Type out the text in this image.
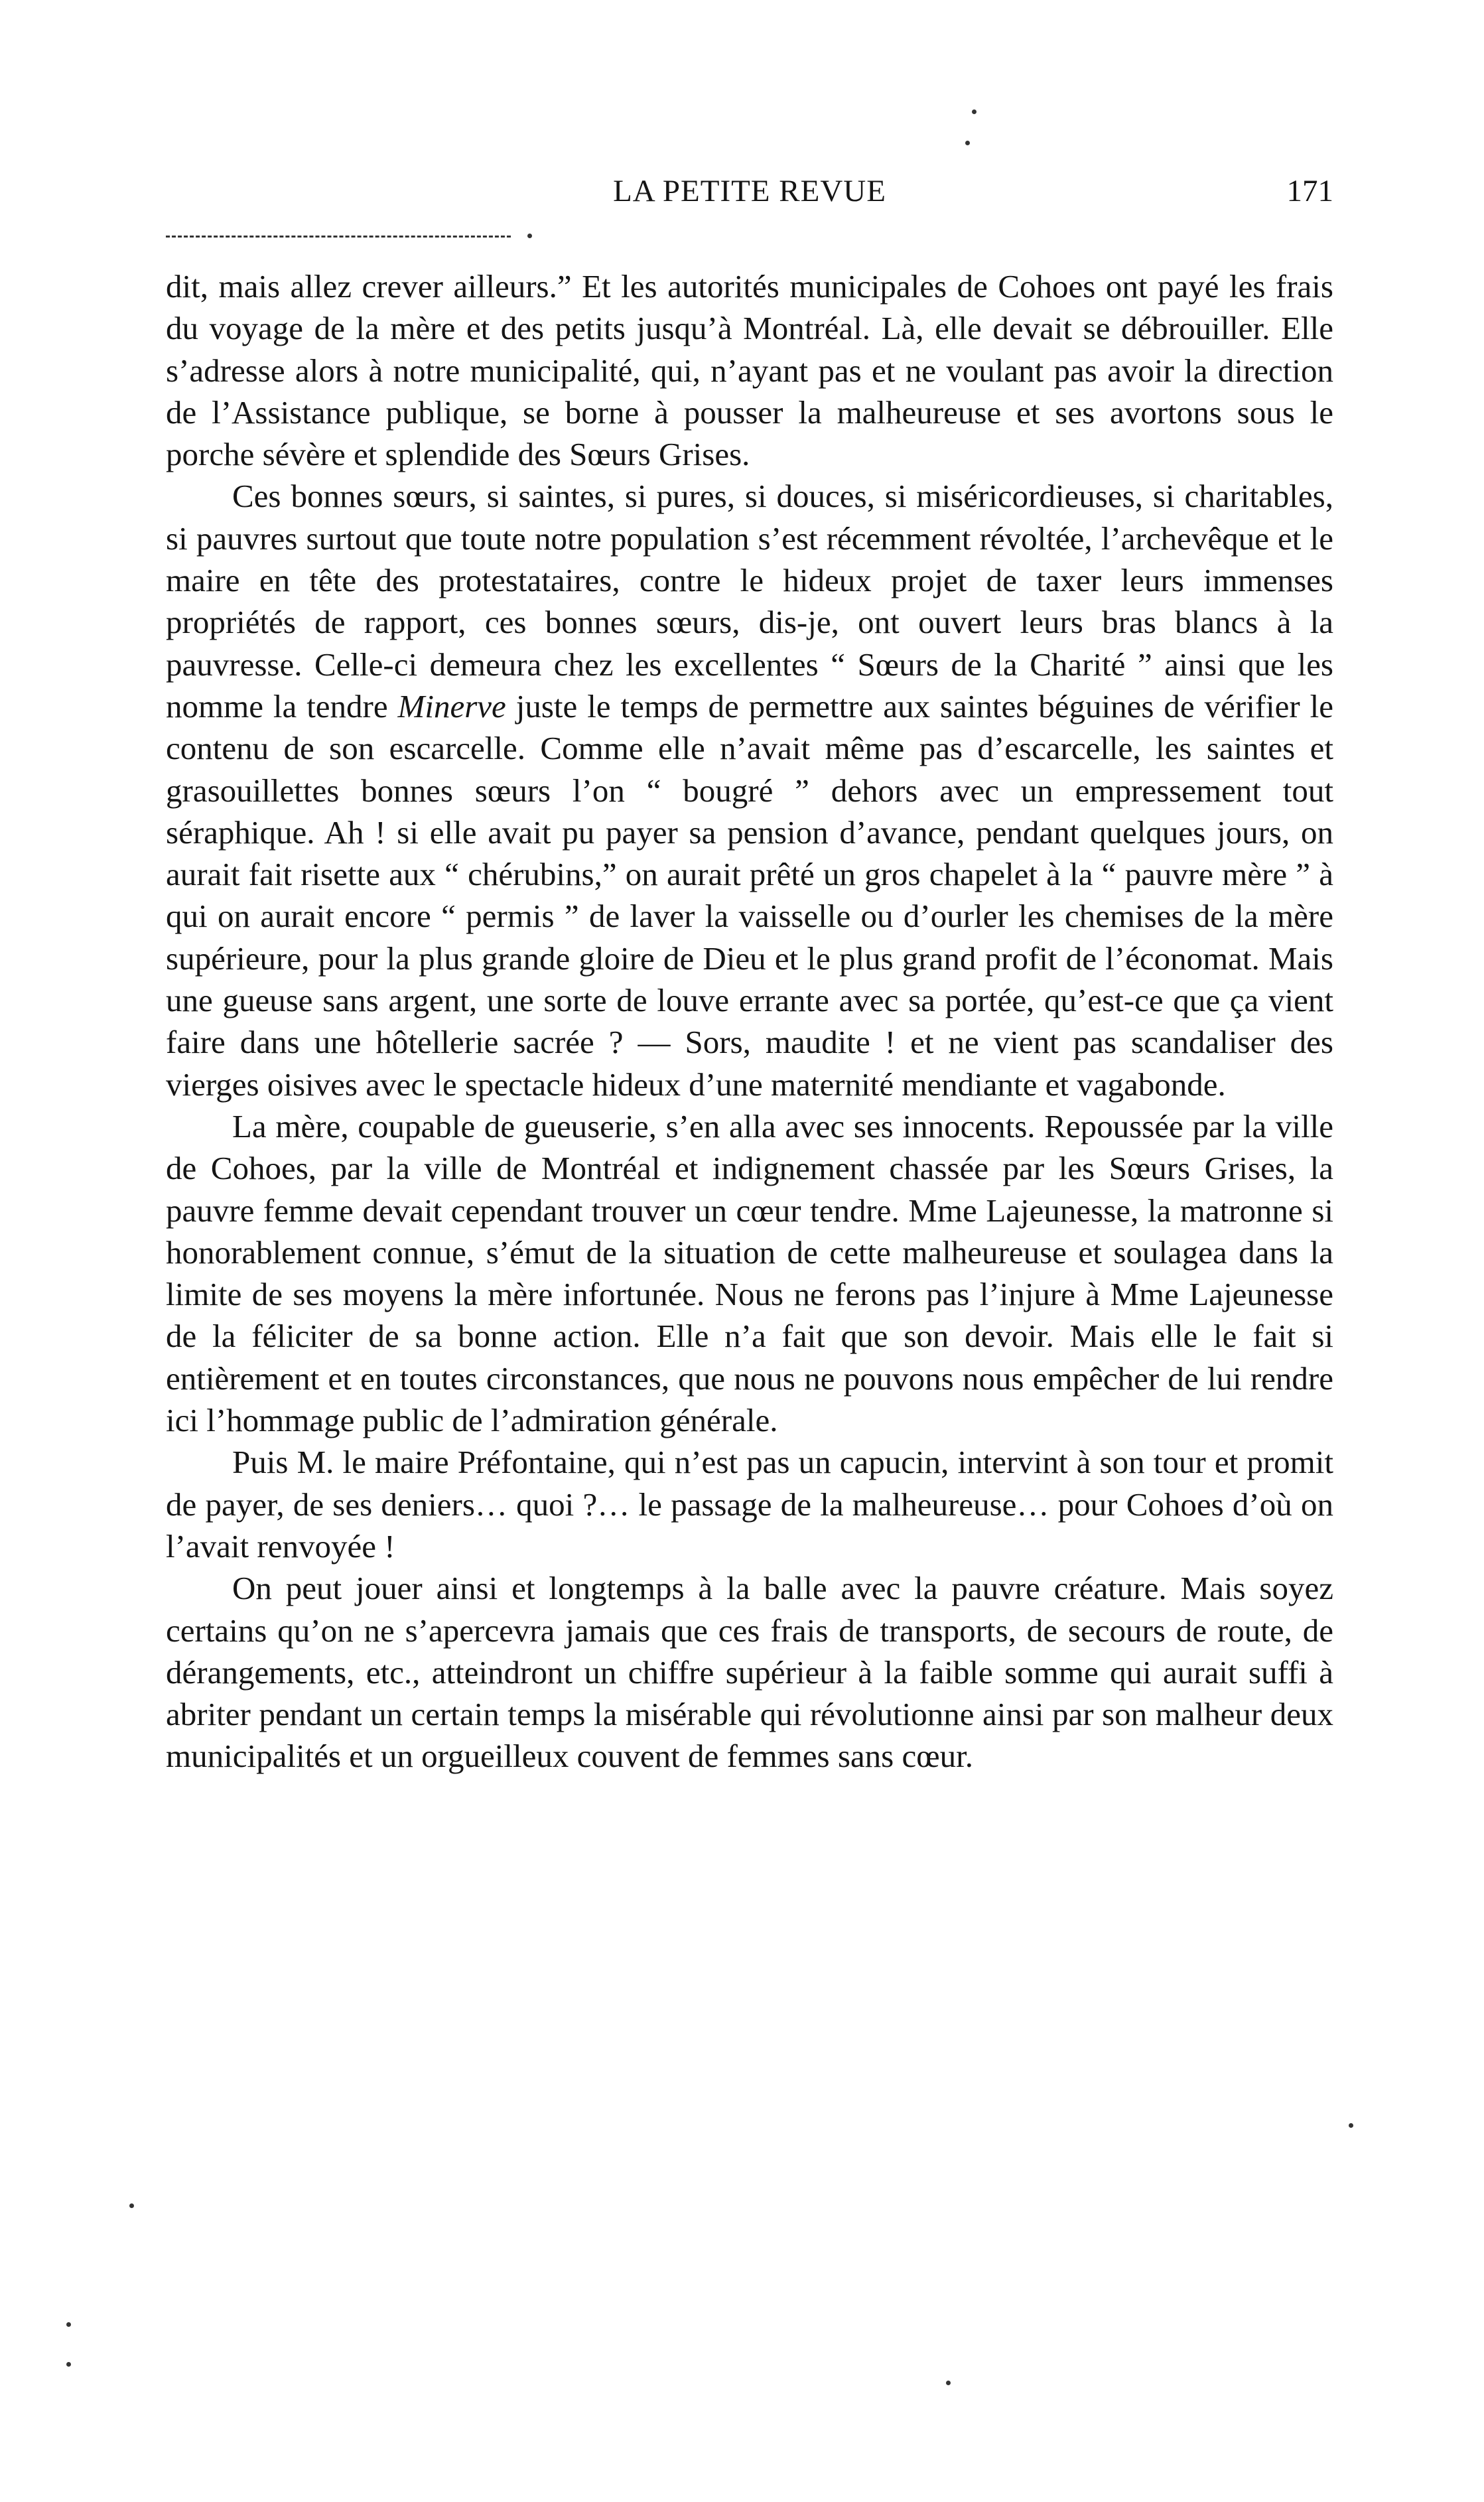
LA PETITE REVUE	171

dit, mais allez crever ailleurs.” Et les autorités municipales de Cohoes ont payé les frais du voyage de la mère et des petits jusqu’à Montréal. Là, elle devait se débrouiller. Elle s’adresse alors à notre municipalité, qui, n’ayant pas et ne voulant pas avoir la direction de l’Assistance publique, se borne à pousser la malheureuse et ses avortons sous le porche sévère et splendide des Sœurs Grises.

Ces bonnes sœurs, si saintes, si pures, si douces, si miséricordieuses, si charitables, si pauvres surtout que toute notre population s’est récemment révoltée, l’archevêque et le maire en tête des protestataires, contre le hideux projet de taxer leurs immenses propriétés de rapport, ces bonnes sœurs, dis-je, ont ouvert leurs bras blancs à la pauvresse. Celle-ci demeura chez les excellentes “ Sœurs de la Charité ” ainsi que les nomme la tendre Minerve juste le temps de permettre aux saintes béguines de vérifier le contenu de son escarcelle. Comme elle n’avait même pas d’escarcelle, les saintes et grasouillettes bonnes sœurs l’on “ bougré ” dehors avec un empressement tout séraphique. Ah ! si elle avait pu payer sa pension d’avance, pendant quelques jours, on aurait fait risette aux “ chérubins,” on aurait prêté un gros chapelet à la “ pauvre mère ” à qui on aurait encore “ permis ” de laver la vaisselle ou d’ourler les chemises de la mère supérieure, pour la plus grande gloire de Dieu et le plus grand profit de l’économat. Mais une gueuse sans argent, une sorte de louve errante avec sa portée, qu’est-ce que ça vient faire dans une hôtellerie sacrée ? — Sors, maudite ! et ne vient pas scandaliser des vierges oisives avec le spectacle hideux d’une maternité mendiante et vagabonde.

La mère, coupable de gueuserie, s’en alla avec ses innocents. Repoussée par la ville de Cohoes, par la ville de Montréal et indignement chassée par les Sœurs Grises, la pauvre femme devait cependant trouver un cœur tendre. Mme Lajeunesse, la matronne si honorablement connue, s’émut de la situation de cette malheureuse et soulagea dans la limite de ses moyens la mère infortunée. Nous ne ferons pas l’injure à Mme Lajeunesse de la féliciter de sa bonne action. Elle n’a fait que son devoir. Mais elle le fait si entièrement et en toutes circonstances, que nous ne pouvons nous empêcher de lui rendre ici l’hommage public de l’admiration générale.

Puis M. le maire Préfontaine, qui n’est pas un capucin, intervint à son tour et promit de payer, de ses deniers… quoi ?… le passage de la malheureuse… pour Cohoes d’où on l’avait renvoyée !

On peut jouer ainsi et longtemps à la balle avec la pauvre créature. Mais soyez certains qu’on ne s’apercevra jamais que ces frais de transports, de secours de route, de dérangements, etc., atteindront un chiffre supérieur à la faible somme qui aurait suffi à abriter pendant un certain temps la misérable qui révolutionne ainsi par son malheur deux municipalités et un orgueilleux couvent de femmes sans cœur.
